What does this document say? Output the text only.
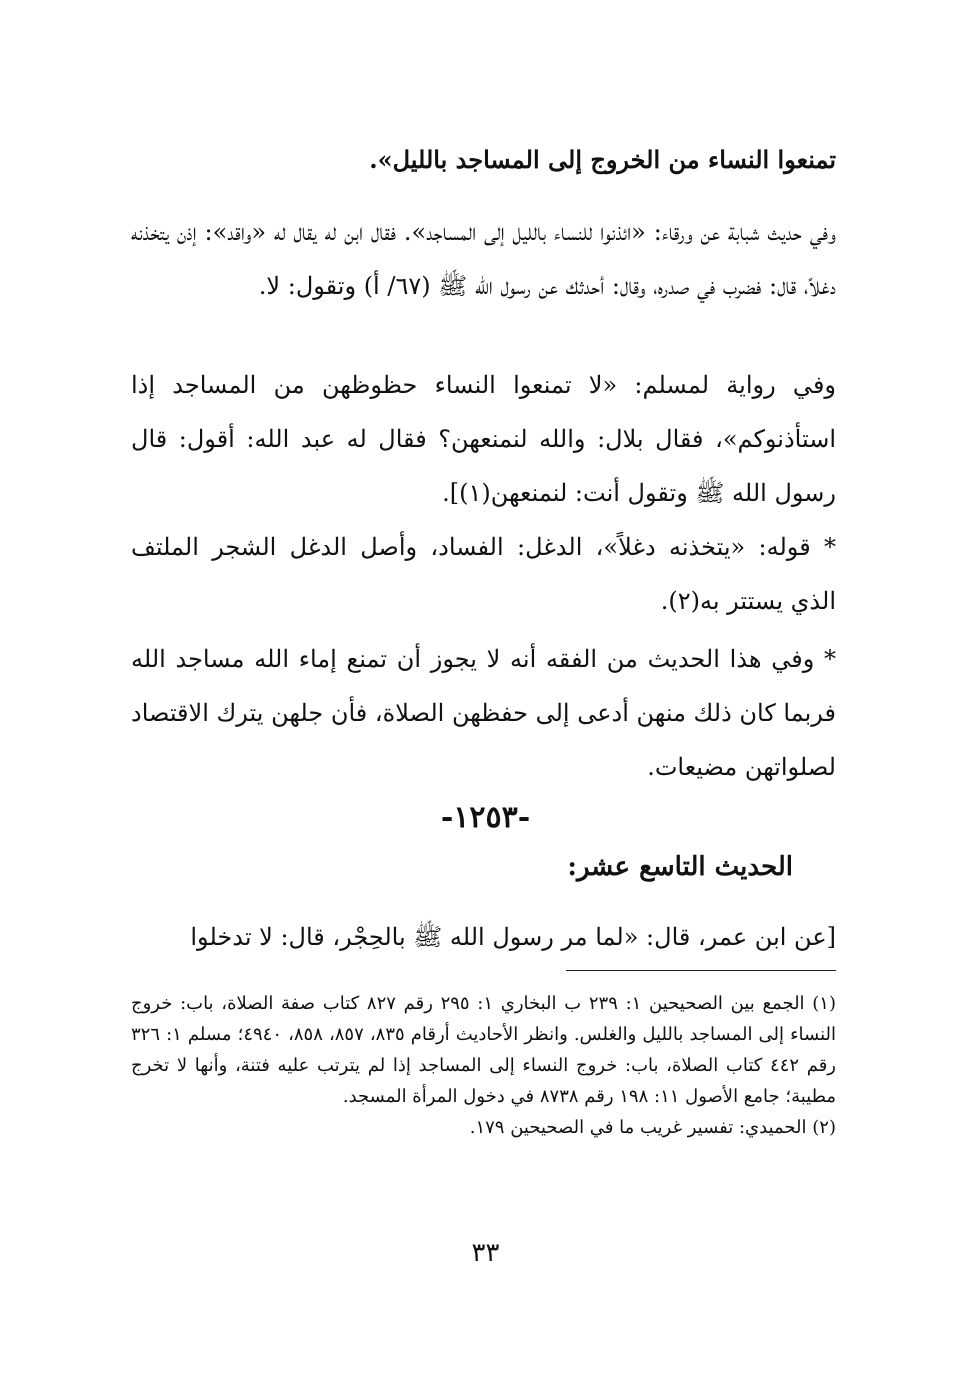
تمنعوا النساء من الخروج إلى المساجد بالليل».

وفي حديث شبابة عن ورقاء: «ائذنوا للنساء بالليل إلى المساجد». فقال ابن له يقال له «واقد»: إذن يتخذنه دغلاً، قال: فضرب في صدره، وقال: أحدثك عن رسول الله ﷺ (٦٧/ أ) وتقول: لا.

وفي رواية لمسلم: «لا تمنعوا النساء حظوظهن من المساجد إذا استأذنوكم»، فقال بلال: والله لنمنعهن؟ فقال له عبد الله: أقول: قال رسول الله ﷺ وتقول أنت: لنمنعهن(١)].

* قوله: «يتخذنه دغلاً»، الدغل: الفساد، وأصل الدغل الشجر الملتف الذي يستتر به(٢).

* وفي هذا الحديث من الفقه أنه لا يجوز أن تمنع إماء الله مساجد الله فربما كان ذلك منهن أدعى إلى حفظهن الصلاة، فأن جلهن يترك الاقتصاد لصلواتهن مضيعات.

-١٢٥٣-
الحديث التاسع عشر:

[عن ابن عمر، قال: «لما مر رسول الله ﷺ بالحِجْر، قال: لا تدخلوا

(١) الجمع بين الصحيحين ١: ٢٣٩ ب البخاري ١: ٢٩٥ رقم ٨٢٧ كتاب صفة الصلاة، باب: خروج النساء إلى المساجد بالليل والغلس. وانظر الأحاديث أرقام ٨٣٥، ٨٥٧، ٨٥٨، ٤٩٤٠؛ مسلم ١: ٣٢٦ رقم ٤٤٢ كتاب الصلاة، باب: خروج النساء إلى المساجد إذا لم يترتب عليه فتنة، وأنها لا تخرج مطيبة؛ جامع الأصول ١١: ١٩٨ رقم ٨٧٣٨ في دخول المرأة المسجد.

(٢) الحميدي: تفسير غريب ما في الصحيحين ١٧٩.

٣٣
